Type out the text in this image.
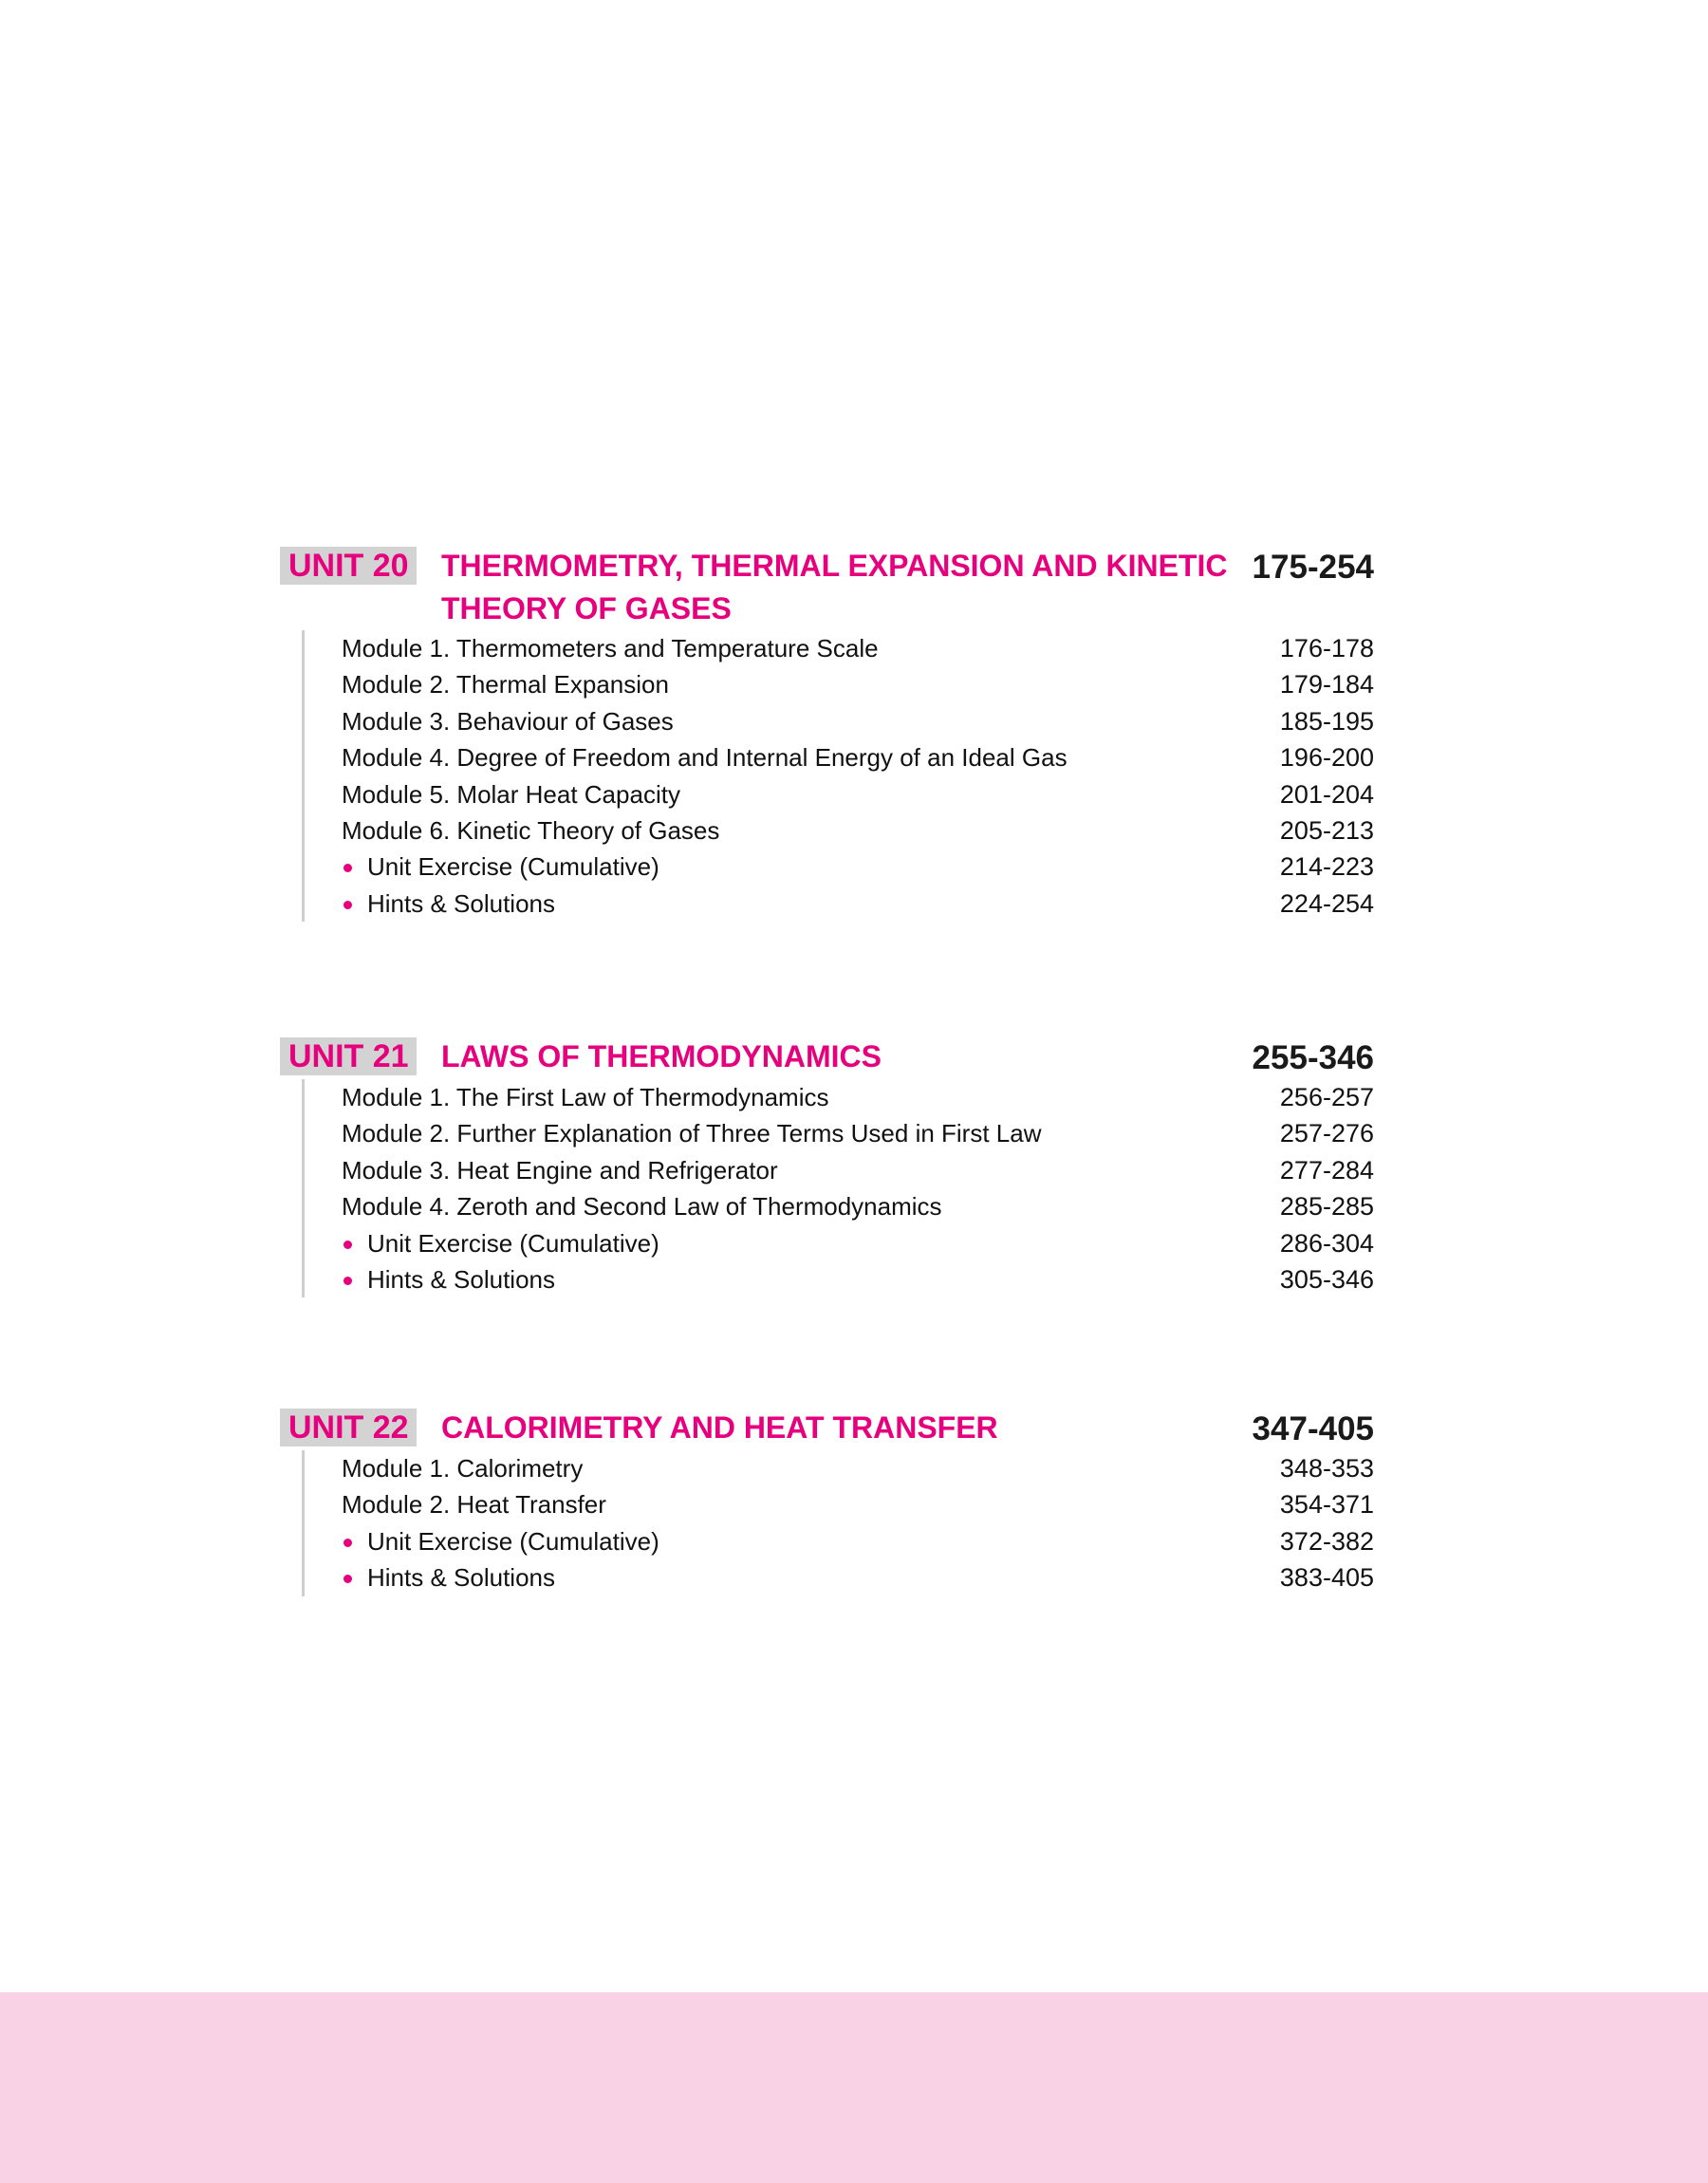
UNIT 20 THERMOMETRY, THERMAL EXPANSION AND KINETIC THEORY OF GASES
175-254
Module 1. Thermometers and Temperature Scale	176-178
Module 2. Thermal Expansion	179-184
Module 3. Behaviour of Gases	185-195
Module 4. Degree of Freedom and Internal Energy of an Ideal Gas	196-200
Module 5. Molar Heat Capacity	201-204
Module 6. Kinetic Theory of Gases	205-213
Unit Exercise (Cumulative)	214-223
Hints & Solutions	224-254
UNIT 21 LAWS OF THERMODYNAMICS	255-346
Module 1. The First Law of Thermodynamics	256-257
Module 2. Further Explanation of Three Terms Used in First Law	257-276
Module 3. Heat Engine and Refrigerator	277-284
Module 4. Zeroth and Second Law of Thermodynamics	285-285
Unit Exercise (Cumulative)	286-304
Hints & Solutions	305-346
UNIT 22 CALORIMETRY AND HEAT TRANSFER	347-405
Module 1. Calorimetry	348-353
Module 2. Heat Transfer	354-371
Unit Exercise (Cumulative)	372-382
Hints & Solutions	383-405
